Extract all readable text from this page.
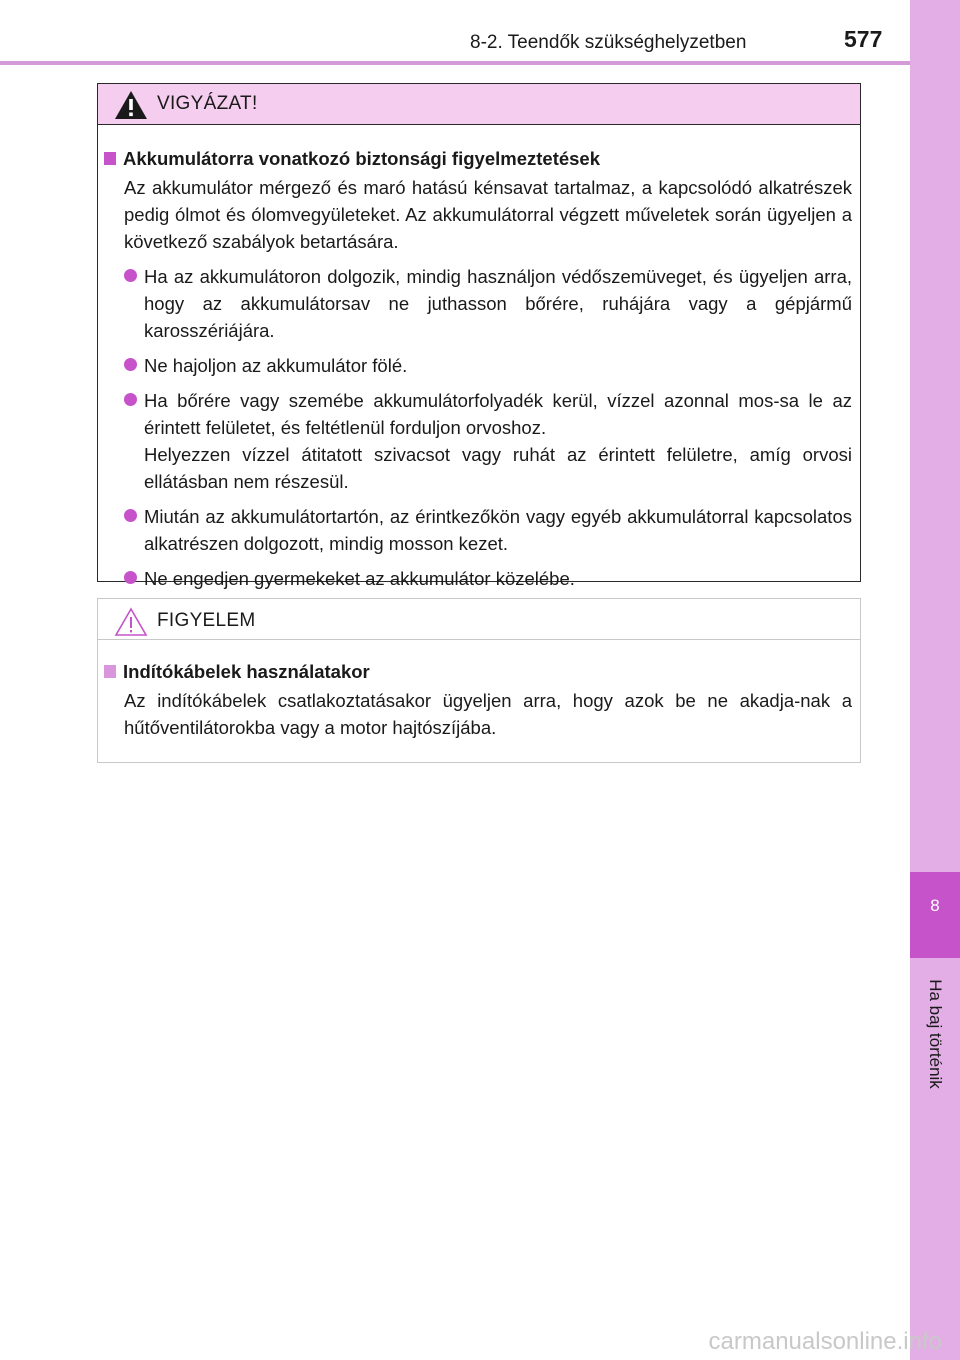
8
Ha baj történik
8-2. Teendők szükséghelyzetben	577
VIGYÁZAT!
Akkumulátorra vonatkozó biztonsági figyelmeztetések
Az akkumulátor mérgező és maró hatású kénsavat tartalmaz, a kapcsolódó alkatrészek pedig ólmot és ólomvegyületeket. Az akkumulátorral végzett műveletek során ügyeljen a következő szabályok betartására.
Ha az akkumulátoron dolgozik, mindig használjon védőszemüveget, és ügyeljen arra, hogy az akkumulátorsav ne juthasson bőrére, ruhájára vagy a gépjármű karosszériájára.
Ne hajoljon az akkumulátor fölé.
Ha bőrére vagy szemébe akkumulátorfolyadék kerül, vízzel azonnal mos-sa le az érintett felületet, és feltétlenül forduljon orvoshoz.
Helyezzen vízzel átitatott szivacsot vagy ruhát az érintett felületre, amíg orvosi ellátásban nem részesül.
Miután az akkumulátortartón, az érintkezőkön vagy egyéb akkumulátorral kapcsolatos alkatrészen dolgozott, mindig mosson kezet.
Ne engedjen gyermekeket az akkumulátor közelébe.
FIGYELEM
Indítókábelek használatakor
Az indítókábelek csatlakoztatásakor ügyeljen arra, hogy azok be ne akadja-nak a hűtőventilátorokba vagy a motor hajtószíjába.
carmanualsonline.info
